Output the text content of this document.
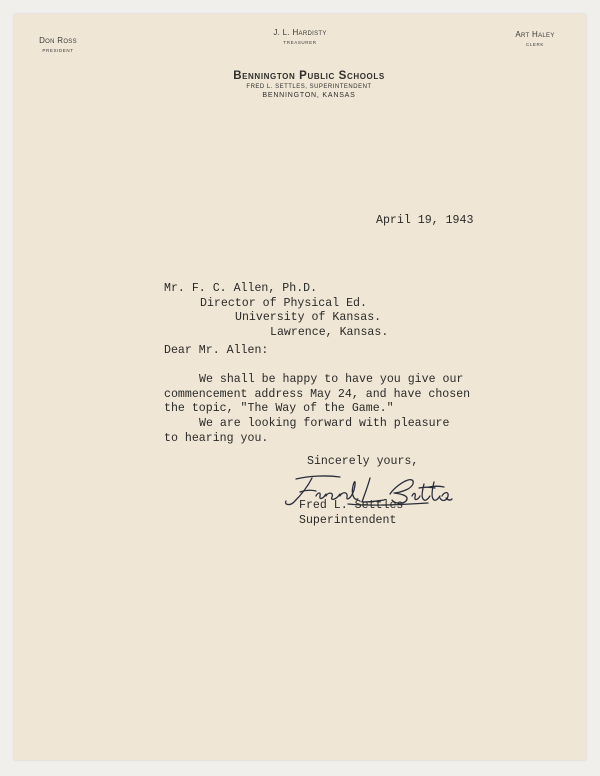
Don Ross
PRESIDENT
J. L. Hardisty
TREASURER
Art Haley
CLERK
Bennington Public Schools
FRED L. SETTLES, SUPERINTENDENT
BENNINGTON, KANSAS
April 19, 1943
Mr. F. C. Allen, Ph.D.
Director of Physical Ed.
University of Kansas.
Lawrence, Kansas.
Dear Mr. Allen:
We shall be happy to have you give our
commencement address May 24, and have chosen
the topic, "The Way of the Game."
We are looking forward with pleasure
to hearing you.
Sincerely yours,
Fred L. Settles
Superintendent
